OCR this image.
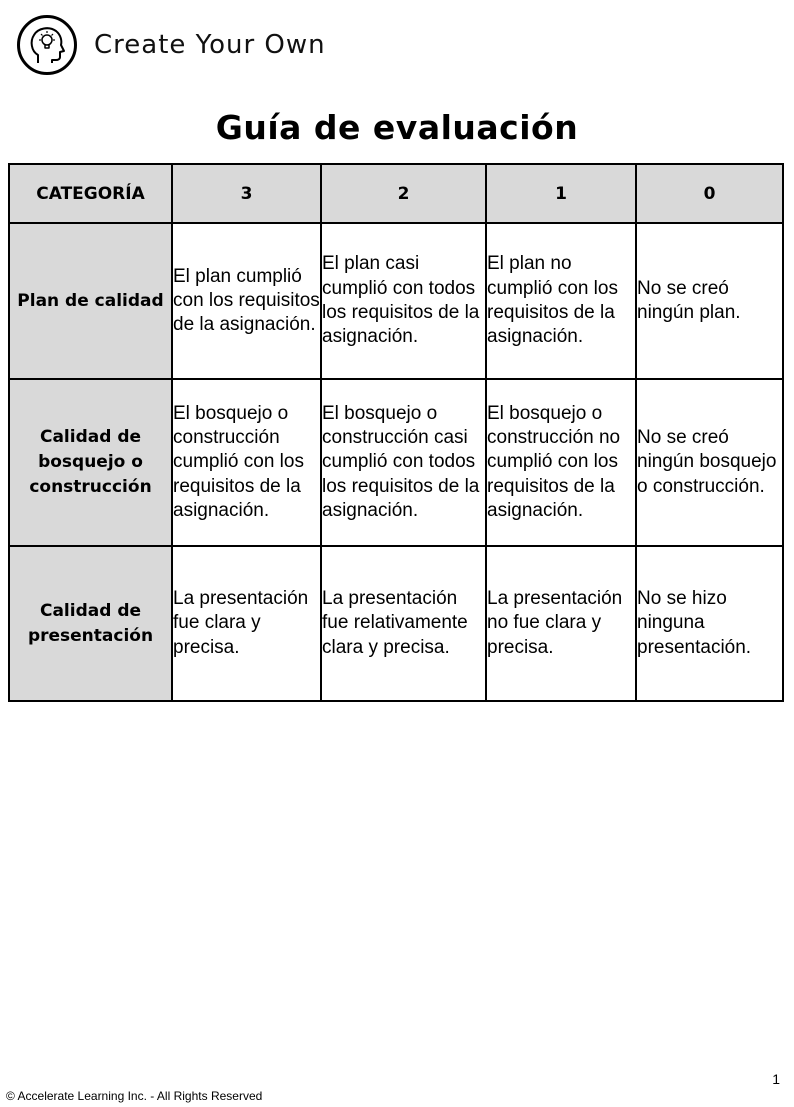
Create Your Own
Guía de evaluación
CATEGORÍA	3	2	1	0
Plan de calidad	El plan cumplió con los requisitos de la asignación.	El plan casi cumplió con todos los requisitos de la asignación.	El plan no cumplió con los requisitos de la asignación.	No se creó ningún plan.
Calidad de bosquejo o construcción	El bosquejo o construcción cumplió con los requisitos de la asignación.	El bosquejo o construcción casi cumplió con todos los requisitos de la asignación.	El bosquejo o construcción no cumplió con los requisitos de la asignación.	No se creó ningún bosquejo o construcción.
Calidad de presentación	La presentación fue clara y precisa.	La presentación fue relativamente clara y precisa.	La presentación no fue clara y precisa.	No se hizo ninguna presentación.
© Accelerate Learning Inc. - All Rights Reserved
1
